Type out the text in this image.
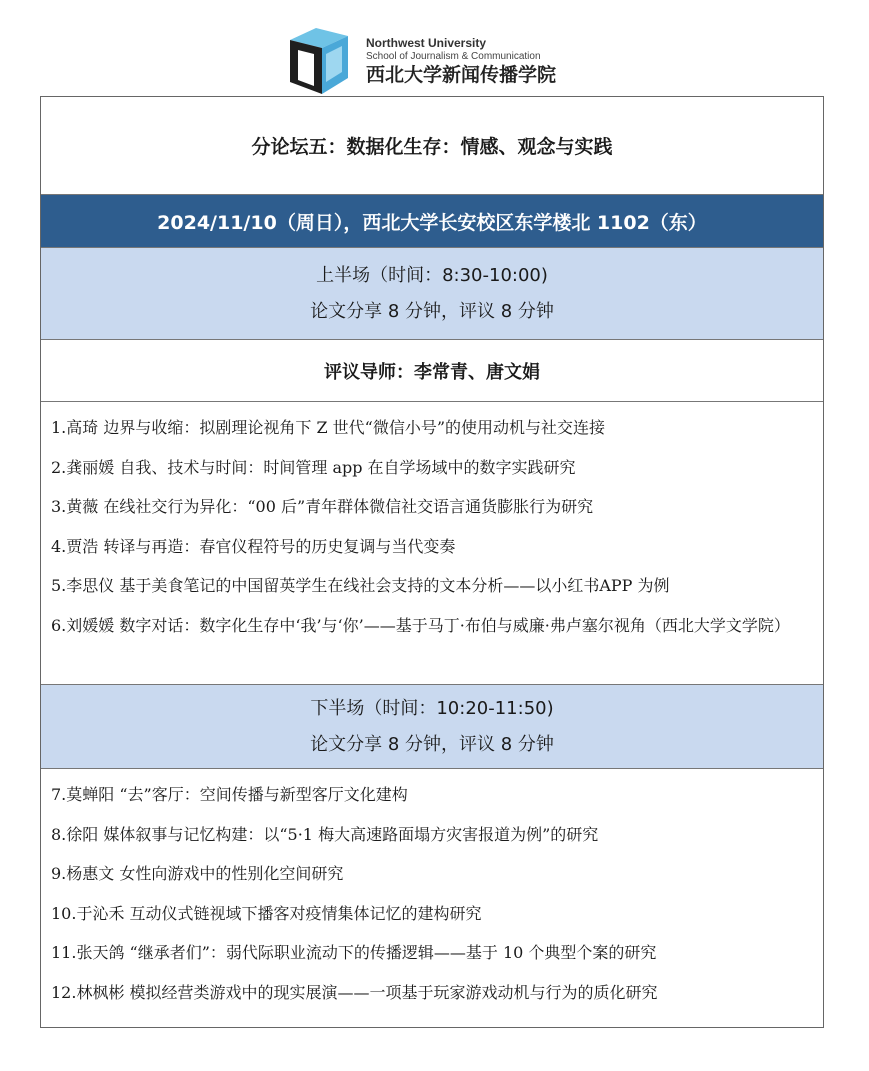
Northwest University
School of Journalism & Communication
西北大学新闻传播学院
分论坛五：数据化生存：情感、观念与实践
2024/11/10（周日），西北大学长安校区东学楼北 1102（东）
上半场（时间：8:30-10:00)
论文分享 8 分钟，评议 8 分钟
评议导师：李常青、唐文娟
1.高琦 边界与收缩：拟剧理论视角下 Z 世代“微信小号”的使用动机与社交连接
2.龚丽媛 自我、技术与时间：时间管理 app 在自学场域中的数字实践研究
3.黄薇 在线社交行为异化：“00 后”青年群体微信社交语言通货膨胀行为研究
4.贾浩 转译与再造：春官仪程符号的历史复调与当代变奏
5.李思仪 基于美食笔记的中国留英学生在线社会支持的文本分析——以小红书APP 为例
6.刘媛媛 数字对话：数字化生存中‘我’与‘你’——基于马丁·布伯与威廉·弗卢塞尔视角（西北大学文学院）
下半场（时间：10:20-11:50)
论文分享 8 分钟，评议 8 分钟
7.莫蝉阳 “去”客厅：空间传播与新型客厅文化建构
8.徐阳 媒体叙事与记忆构建：以“5·1 梅大高速路面塌方灾害报道为例”的研究
9.杨惠文 女性向游戏中的性别化空间研究
10.于沁禾 互动仪式链视域下播客对疫情集体记忆的建构研究
11.张天鸽 “继承者们”：弱代际职业流动下的传播逻辑——基于 10 个典型个案的研究
12.林枫彬 模拟经营类游戏中的现实展演——一项基于玩家游戏动机与行为的质化研究
